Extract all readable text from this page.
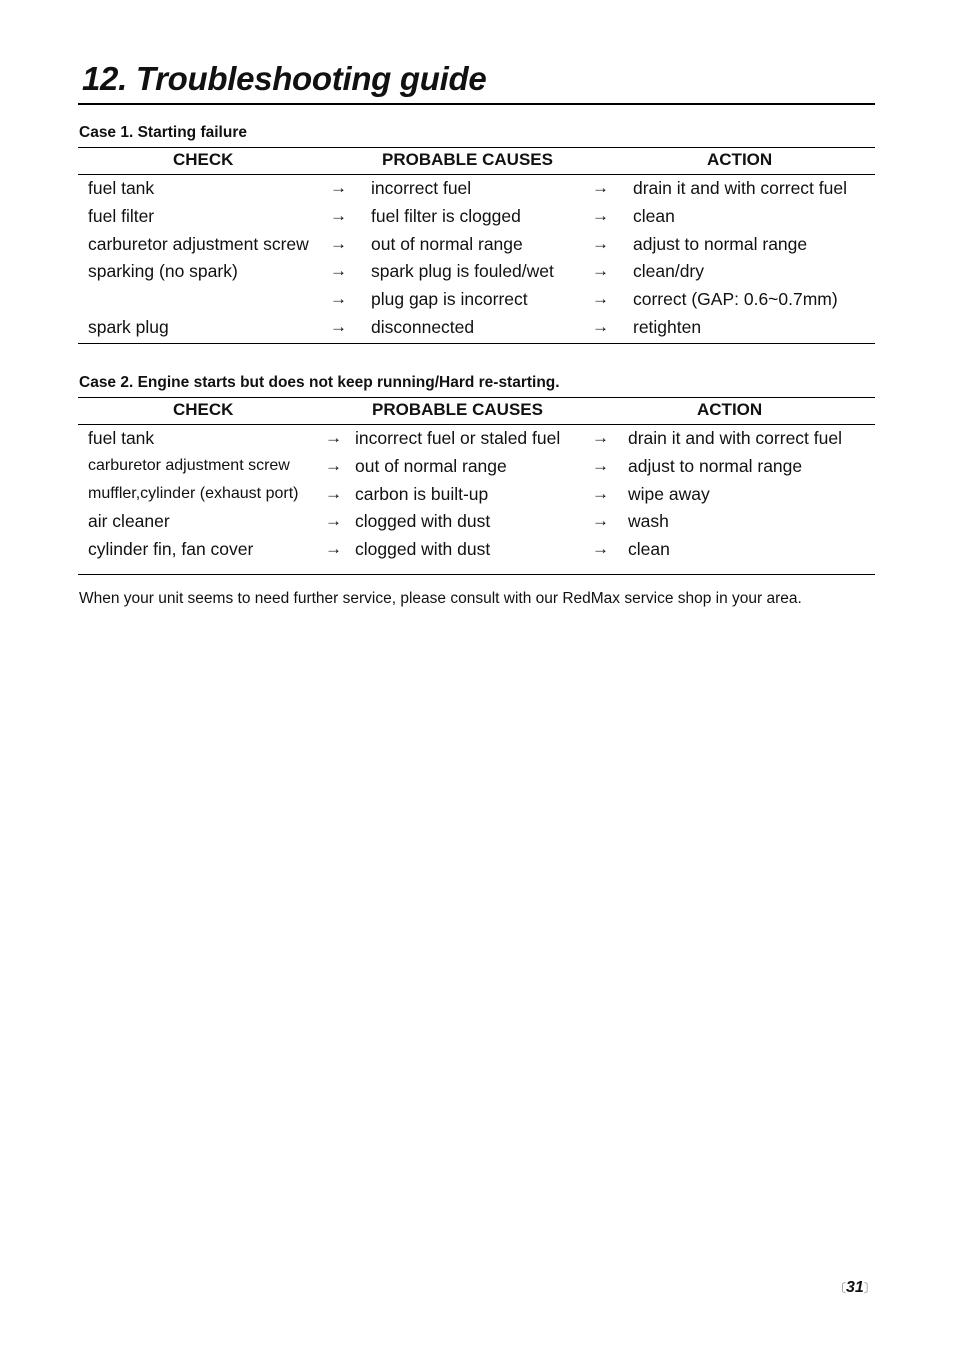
12. Troubleshooting guide
Case 1. Starting failure
CHECK	PROBABLE CAUSES	ACTION
fuel tank	→ incorrect fuel	→ drain it and with correct fuel
fuel filter	→ fuel filter is clogged	→ clean
carburetor adjustment screw → out of normal range	→ adjust to normal range
sparking (no spark)	→ spark plug is fouled/wet → clean/dry
→ plug gap is incorrect	→ correct (GAP: 0.6~0.7mm)
spark plug	→ disconnected	→ retighten
Case 2. Engine starts but does not keep running/Hard re-starting.
CHECK	PROBABLE CAUSES	ACTION
fuel tank	→ incorrect fuel or staled fuel → drain it and with correct fuel
carburetor adjustment screw → out of normal range	→ adjust to normal range
muffler,cylinder (exhaust port) → carbon is built-up	→ wipe away
air cleaner	→ clogged with dust	→ wash
cylinder fin, fan cover	→ clogged with dust	→ clean
When your unit seems to need further service, please consult with our RedMax service shop in your area.
〔31〕
